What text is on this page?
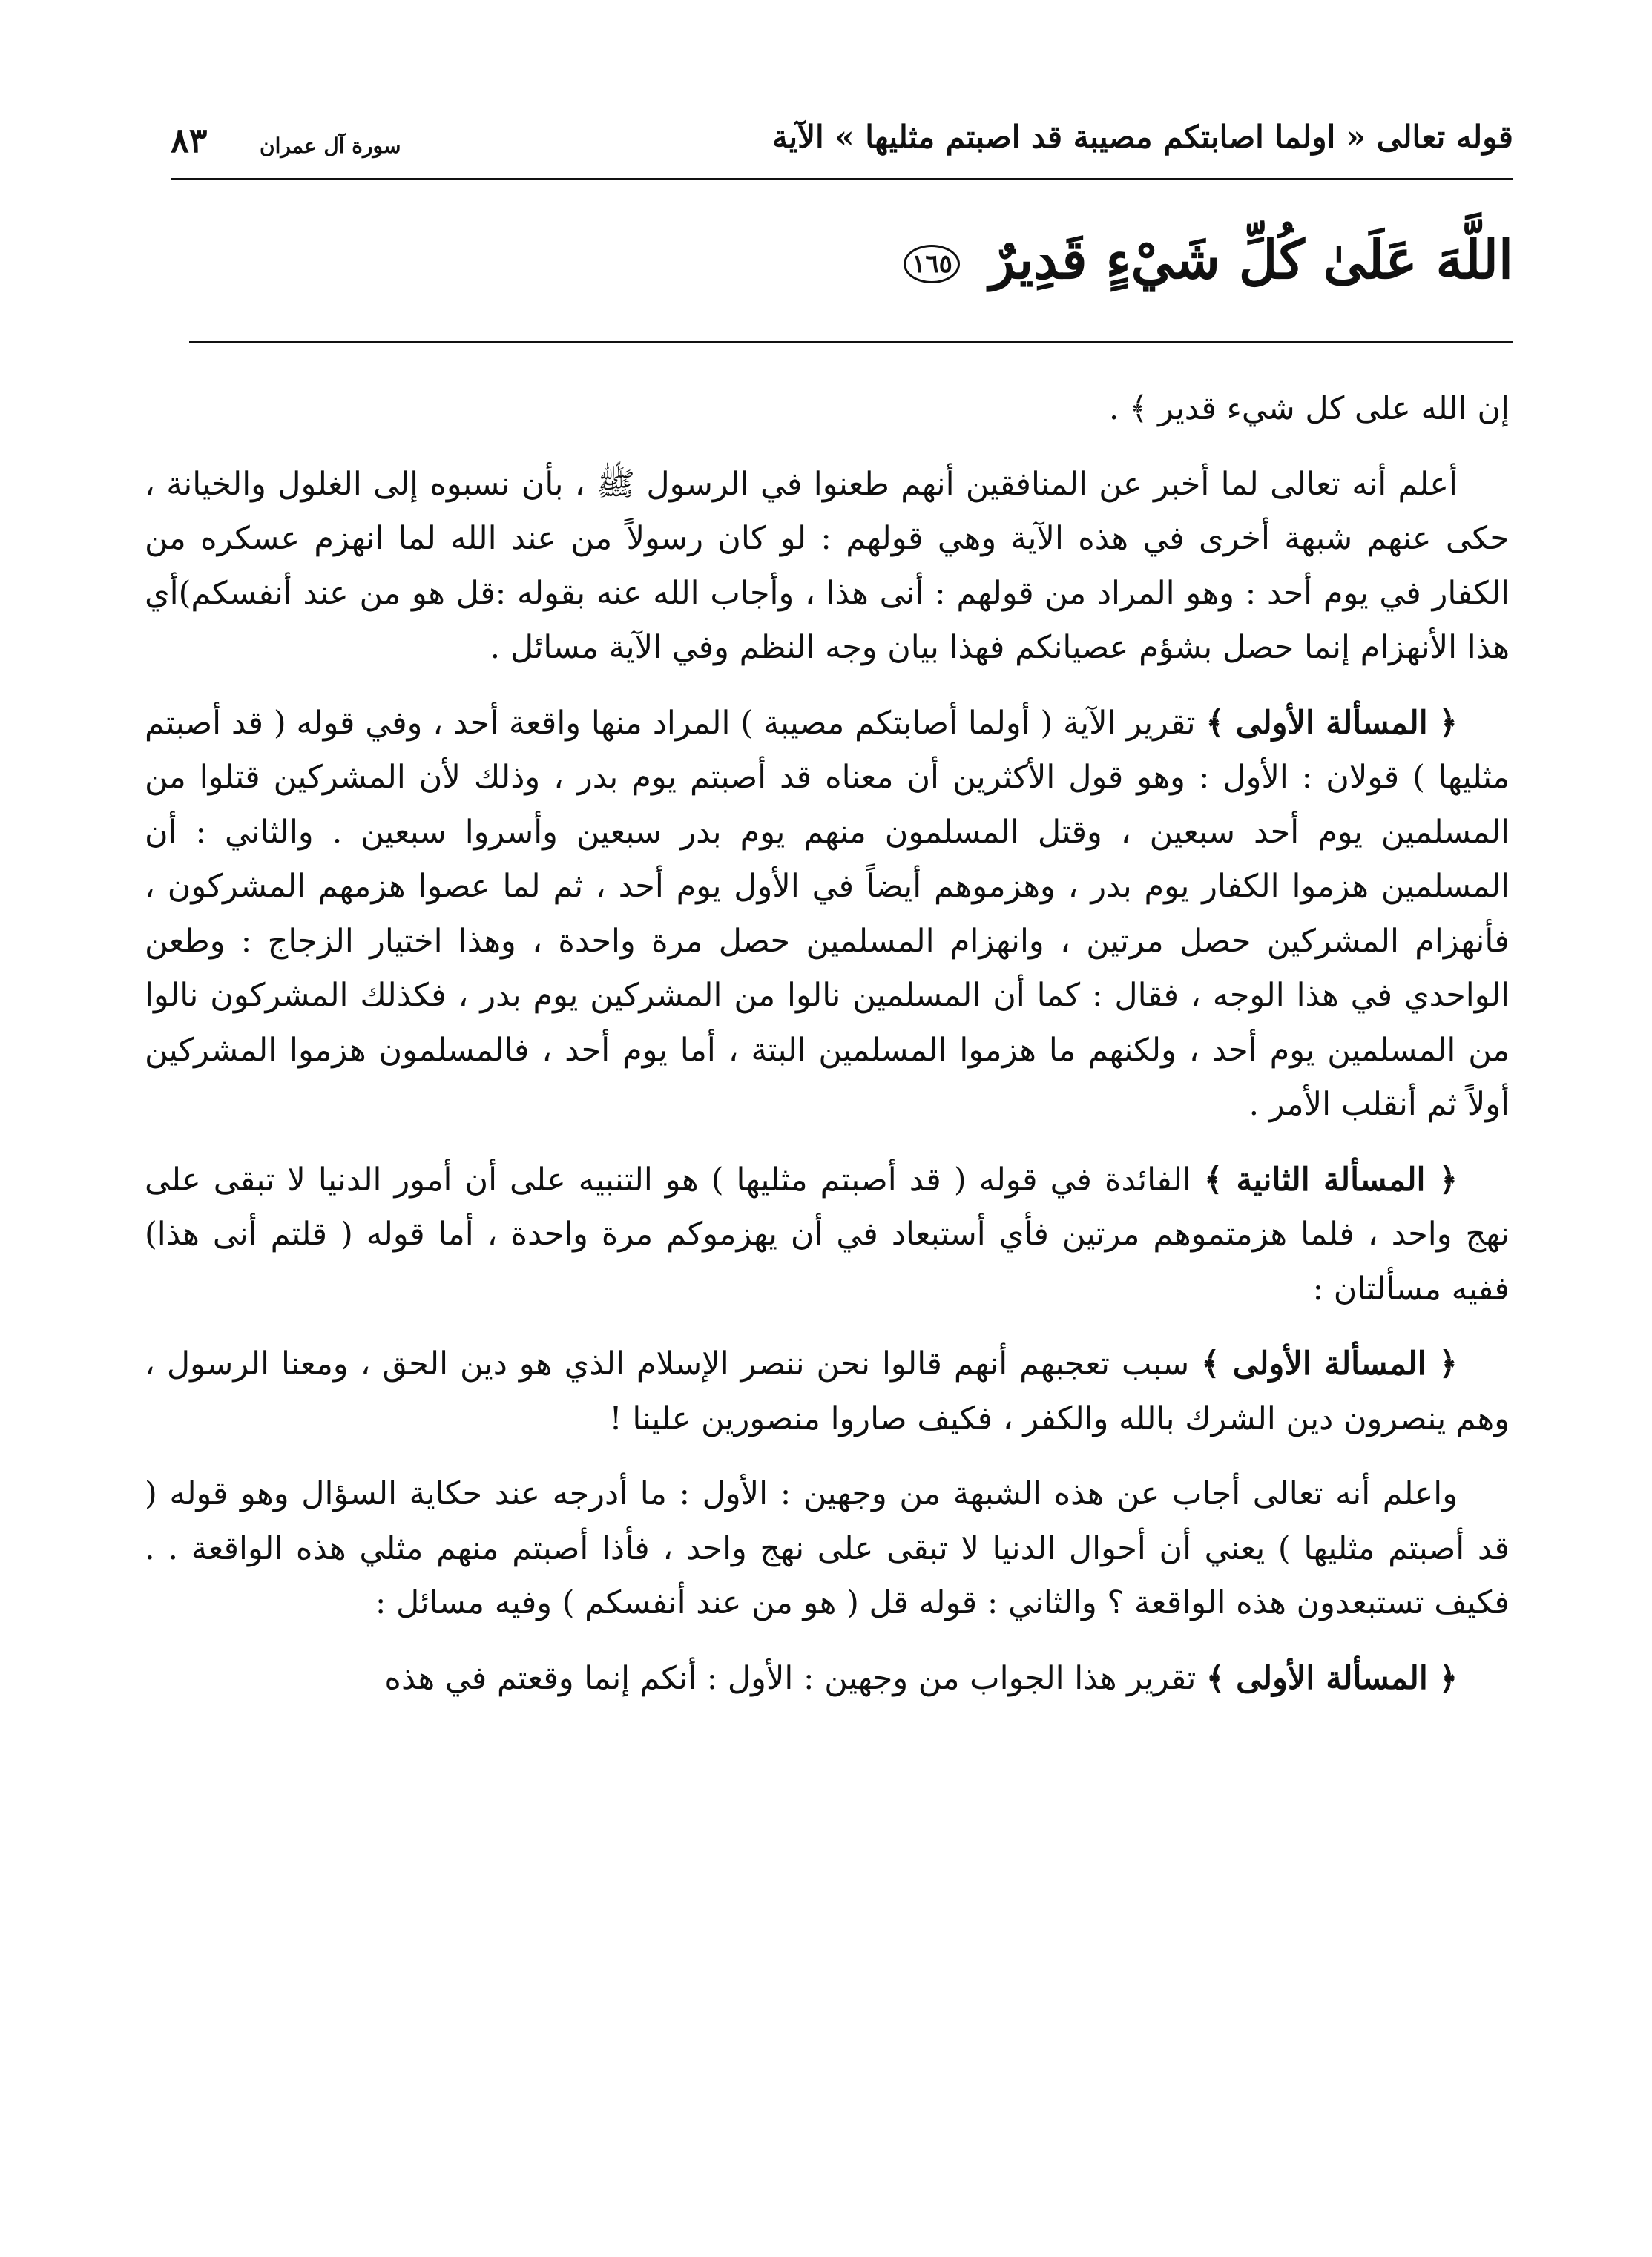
قوله تعالى « اولما اصابتكم مصيبة قد اصبتم مثليها » الآية
سورة آل عمران
٨٣
اللَّهَ عَلَىٰ كُلِّ شَيْءٍ قَدِيرٌ ١٦٥

إن الله على كل شيء قدير ﴾ .

أعلم أنه تعالى لما أخبر عن المنافقين أنهم طعنوا في الرسول ﷺ ، بأن نسبوه إلى الغلول والخيانة ، حكى عنهم شبهة أخرى في هذه الآية وهي قولهم : لو كان رسولاً من عند الله لما انهزم عسكره من الكفار في يوم أحد : وهو المراد من قولهم : أنى هذا ، وأجاب الله عنه بقوله :قل هو من عند أنفسكم)أي هذا الأنهزام إنما حصل بشؤم عصيانكم فهذا بيان وجه النظم وفي الآية مسائل .

﴿ المسألة الأولى ﴾ تقرير الآية ( أولما أصابتكم مصيبة ) المراد منها واقعة أحد ، وفي قوله ( قد أصبتم مثليها ) قولان : الأول : وهو قول الأكثرين أن معناه قد أصبتم يوم بدر ، وذلك لأن المشركين قتلوا من المسلمين يوم أحد سبعين ، وقتل المسلمون منهم يوم بدر سبعين وأسروا سبعين . والثاني : أن المسلمين هزموا الكفار يوم بدر ، وهزموهم أيضاً في الأول يوم أحد ، ثم لما عصوا هزمهم المشركون ، فأنهزام المشركين حصل مرتين ، وانهزام المسلمين حصل مرة واحدة ، وهذا اختيار الزجاج : وطعن الواحدي في هذا الوجه ، فقال : كما أن المسلمين نالوا من المشركين يوم بدر ، فكذلك المشركون نالوا من المسلمين يوم أحد ، ولكنهم ما هزموا المسلمين البتة ، أما يوم أحد ، فالمسلمون هزموا المشركين أولاً ثم أنقلب الأمر .

﴿ المسألة الثانية ﴾ الفائدة في قوله ( قد أصبتم مثليها ) هو التنبيه على أن أمور الدنيا لا تبقى على نهج واحد ، فلما هزمتموهم مرتين فأي أستبعاد في أن يهزموكم مرة واحدة ، أما قوله ( قلتم أنى هذا) ففيه مسألتان :

﴿ المسألة الأولى ﴾ سبب تعجبهم أنهم قالوا نحن ننصر الإسلام الذي هو دين الحق ، ومعنا الرسول ، وهم ينصرون دين الشرك بالله والكفر ، فكيف صاروا منصورين علينا !

واعلم أنه تعالى أجاب عن هذه الشبهة من وجهين : الأول : ما أدرجه عند حكاية السؤال وهو قوله ( قد أصبتم مثليها ) يعني أن أحوال الدنيا لا تبقى على نهج واحد ، فأذا أصبتم منهم مثلي هذه الواقعة . . فكيف تستبعدون هذه الواقعة ؟ والثاني : قوله قل ( هو من عند أنفسكم ) وفيه مسائل :

﴿ المسألة الأولى ﴾ تقرير هذا الجواب من وجهين : الأول : أنكم إنما وقعتم في هذه
